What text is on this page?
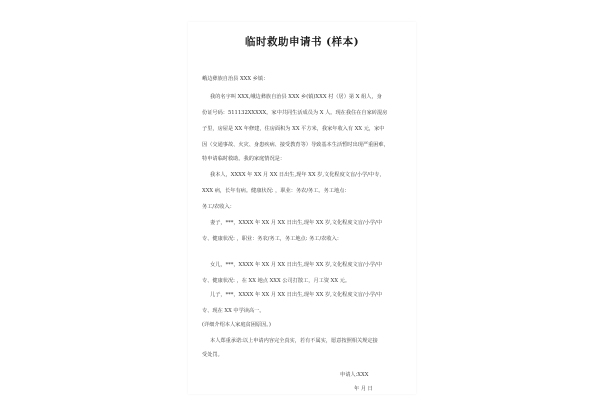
临时救助申请书 (样本)
峨边彝族自治县 XXX 乡镇：
我的名字叫 XXX,峨边彝族自治县 XXX 乡(镇)XXX 村（居）第 X 組人，身
份证号码：511132XXXXX。家中共同生活成员为 X 人。现在我住在自家砖混房
子里，房屋是 XX 年修建，住房面积为 XX 平方米，我家年收入有 XX 元，家中
因（交通事故、火灾、身患疾病、接受教育等）导致基本生活暂时出现严重困难，
特申请临时救助。我的家庭情况是：
我本人，XXXX 年 XX 月 XX 日出生,现年 XX 岁,文化程度文盲/小学/中专，
XXX 病，长年有病。健康状况: ，职业：务农/务工。务工地点：
务工/农收入：
妻子，***，XXXX 年 XX 月 XX 日出生,现年 XX 岁,文化程度文盲/小学/中
专、健康状况: ，职业：务农/务工，务工地点: 务工/农收入：
女儿，***，XXXX 年 XX 月 XX 日出生,现年 XX 岁,文化程度文盲/小学/中
专、健康状况: ，在 XX 地点 XXX 公司打散工，月工资 XX 元。
儿子，***，XXXX 年 XX 月 XX 日出生,现年 XX 岁,文化程度文盲/小学/中
专、现在 XX 中学读高一。
(详细介绍本人家庭贫困原因。)
本人郑重承诺:以上申请内容完全真实，若有不属实，愿意按照相关规定接
受处罚。
申请人:XXX
年 月 日
